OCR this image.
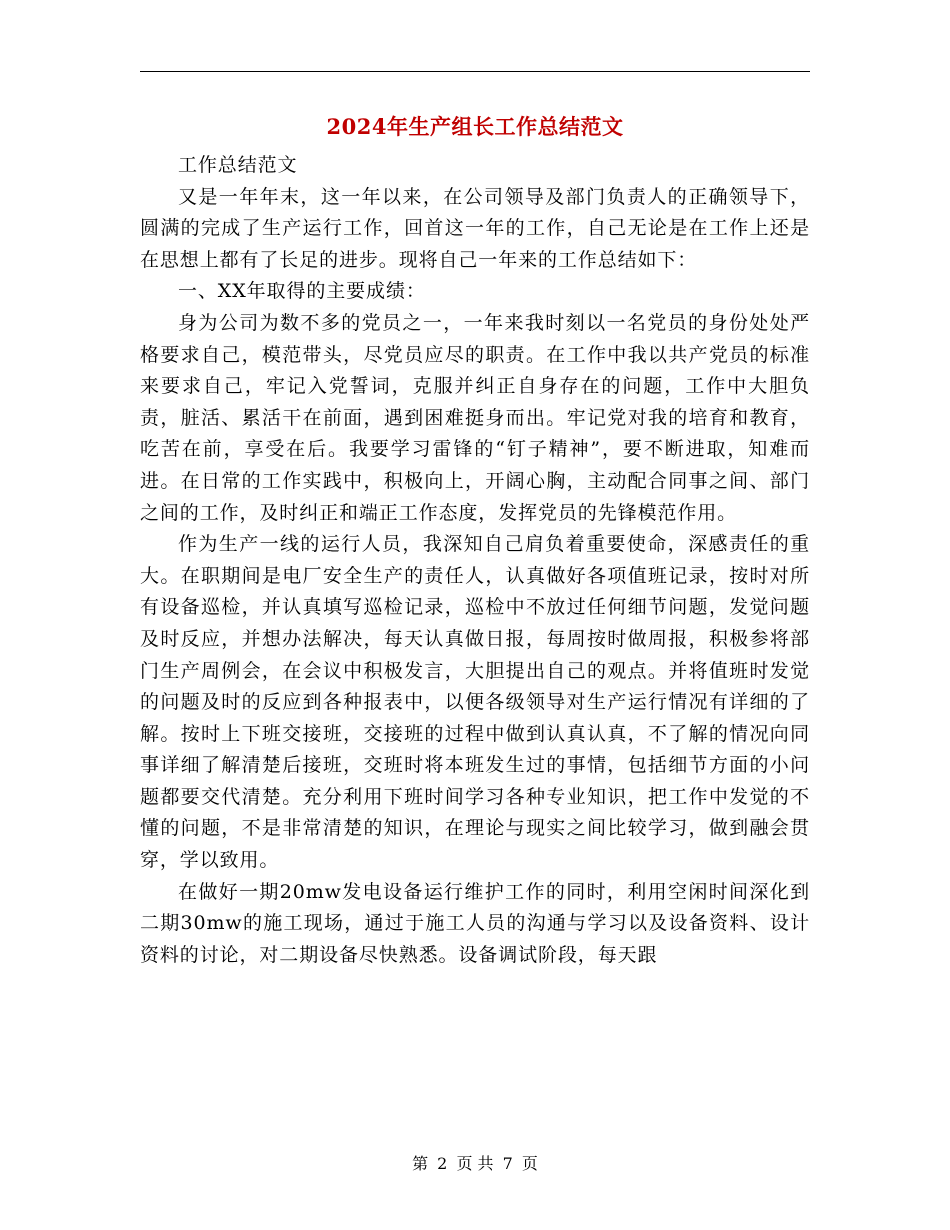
2024年生产组长工作总结范文

工作总结范文

又是一年年末，这一年以来，在公司领导及部门负责人的正确领导下，圆满的完成了生产运行工作，回首这一年的工作，自己无论是在工作上还是在思想上都有了长足的进步。现将自己一年来的工作总结如下：

一、XX年取得的主要成绩：

身为公司为数不多的党员之一，一年来我时刻以一名党员的身份处处严格要求自己，模范带头，尽党员应尽的职责。在工作中我以共产党员的标准来要求自己，牢记入党誓词，克服并纠正自身存在的问题，工作中大胆负责，脏活、累活干在前面，遇到困难挺身而出。牢记党对我的培育和教育，吃苦在前，享受在后。我要学习雷锋的“钉子精神”，要不断进取，知难而进。在日常的工作实践中，积极向上，开阔心胸，主动配合同事之间、部门之间的工作，及时纠正和端正工作态度，发挥党员的先锋模范作用。

作为生产一线的运行人员，我深知自己肩负着重要使命，深感责任的重大。在职期间是电厂安全生产的责任人，认真做好各项值班记录，按时对所有设备巡检，并认真填写巡检记录，巡检中不放过任何细节问题，发觉问题及时反应，并想办法解决，每天认真做日报，每周按时做周报，积极参将部门生产周例会，在会议中积极发言，大胆提出自己的观点。并将值班时发觉的问题及时的反应到各种报表中，以便各级领导对生产运行情况有详细的了解。按时上下班交接班，交接班的过程中做到认真认真，不了解的情况向同事详细了解清楚后接班，交班时将本班发生过的事情，包括细节方面的小问题都要交代清楚。充分利用下班时间学习各种专业知识，把工作中发觉的不懂的问题，不是非常清楚的知识，在理论与现实之间比较学习，做到融会贯穿，学以致用。

在做好一期20mw发电设备运行维护工作的同时，利用空闲时间深化到二期30mw的施工现场，通过于施工人员的沟通与学习以及设备资料、设计资料的讨论，对二期设备尽快熟悉。设备调试阶段，每天跟

第 2 页 共 7 页
